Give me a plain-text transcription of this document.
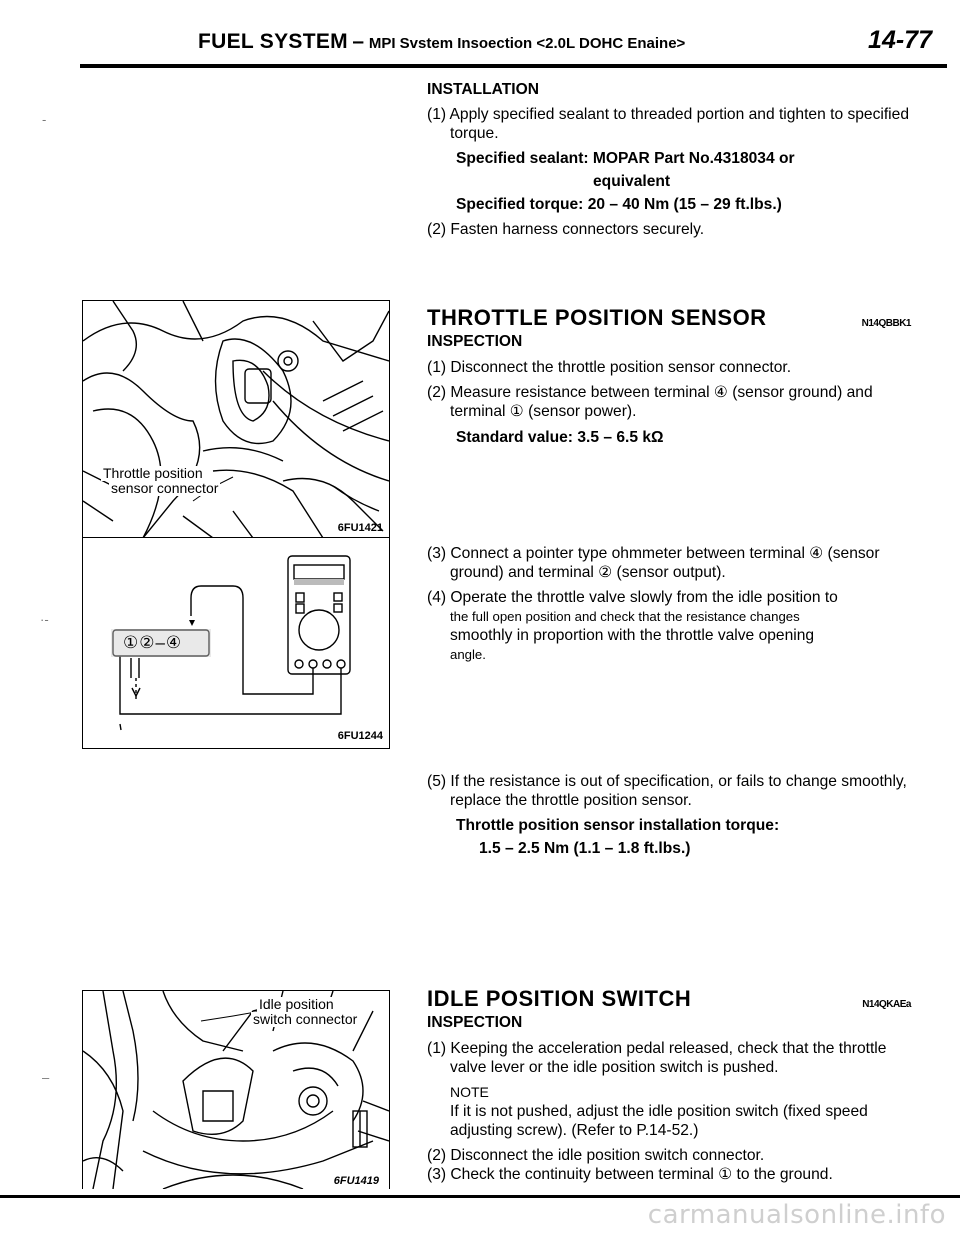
FUEL SYSTEM – MPI Svstem Insoection <2.0L DOHC Enaine>	14-77
-
·-
–
INSTALLATION
(1) Apply specified sealant to threaded portion and tighten to specified torque.
Specified sealant: MOPAR Part No.4318034 or
equivalent
Specified torque: 20 – 40 Nm (15 – 29 ft.lbs.)
(2) Fasten harness connectors securely.
THROTTLE POSITION SENSOR	N14QBBK1
INSPECTION
(1) Disconnect the throttle position sensor connector.
(2) Measure resistance between terminal ④ (sensor ground) and terminal ① (sensor power).
Standard value: 3.5 – 6.5 kΩ
(3) Connect a pointer type ohmmeter between terminal ④ (sensor ground) and terminal ② (sensor output).
(4) Operate the throttle valve slowly from the idle position to
the full open position and check that the resistance changes
smoothly in proportion with the throttle valve opening
angle.
(5) If the resistance is out of specification, or fails to change smoothly, replace the throttle position sensor.
Throttle position sensor installation torque:
1.5 – 2.5 Nm (1.1 – 1.8 ft.lbs.)
IDLE POSITION SWITCH	N14QKAEa
INSPECTION
(1) Keeping the acceleration pedal released, check that the throttle valve lever or the idle position switch is pushed.
NOTE
If it is not pushed, adjust the idle position switch (fixed speed adjusting screw). (Refer to P.14-52.)
(2) Disconnect the idle position switch connector.
(3) Check the continuity between terminal ① to the ground.
Throttle position
sensor connector
6FU1421
①②–④
6FU1244
Idle position
switch connector
6FU1419
carmanualsonline.info
